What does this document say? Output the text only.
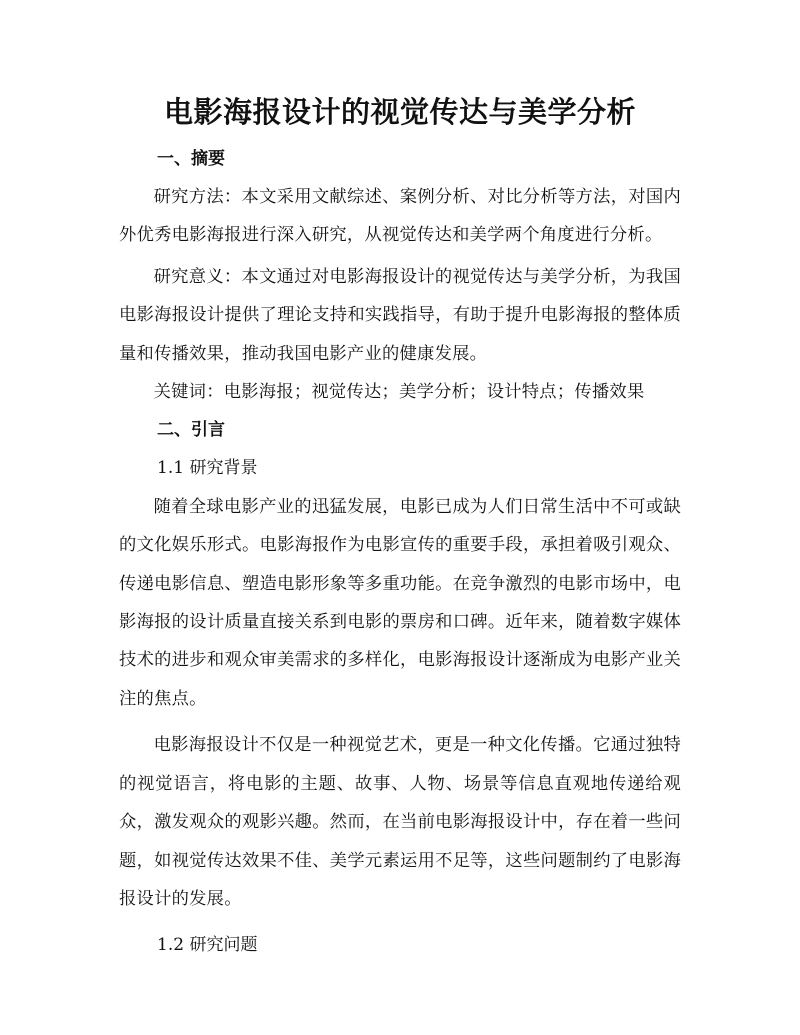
电影海报设计的视觉传达与美学分析
一、摘要

研究方法：本文采用文献综述、案例分析、对比分析等方法，对国内外优秀电影海报进行深入研究，从视觉传达和美学两个角度进行分析。

研究意义：本文通过对电影海报设计的视觉传达与美学分析，为我国电影海报设计提供了理论支持和实践指导，有助于提升电影海报的整体质量和传播效果，推动我国电影产业的健康发展。

关键词：电影海报；视觉传达；美学分析；设计特点；传播效果

二、引言

1.1 研究背景

随着全球电影产业的迅猛发展，电影已成为人们日常生活中不可或缺的文化娱乐形式。电影海报作为电影宣传的重要手段，承担着吸引观众、传递电影信息、塑造电影形象等多重功能。在竞争激烈的电影市场中，电影海报的设计质量直接关系到电影的票房和口碑。近年来，随着数字媒体技术的进步和观众审美需求的多样化，电影海报设计逐渐成为电影产业关注的焦点。

电影海报设计不仅是一种视觉艺术，更是一种文化传播。它通过独特的视觉语言，将电影的主题、故事、人物、场景等信息直观地传递给观众，激发观众的观影兴趣。然而，在当前电影海报设计中，存在着一些问题，如视觉传达效果不佳、美学元素运用不足等，这些问题制约了电影海报设计的发展。

1.2 研究问题
